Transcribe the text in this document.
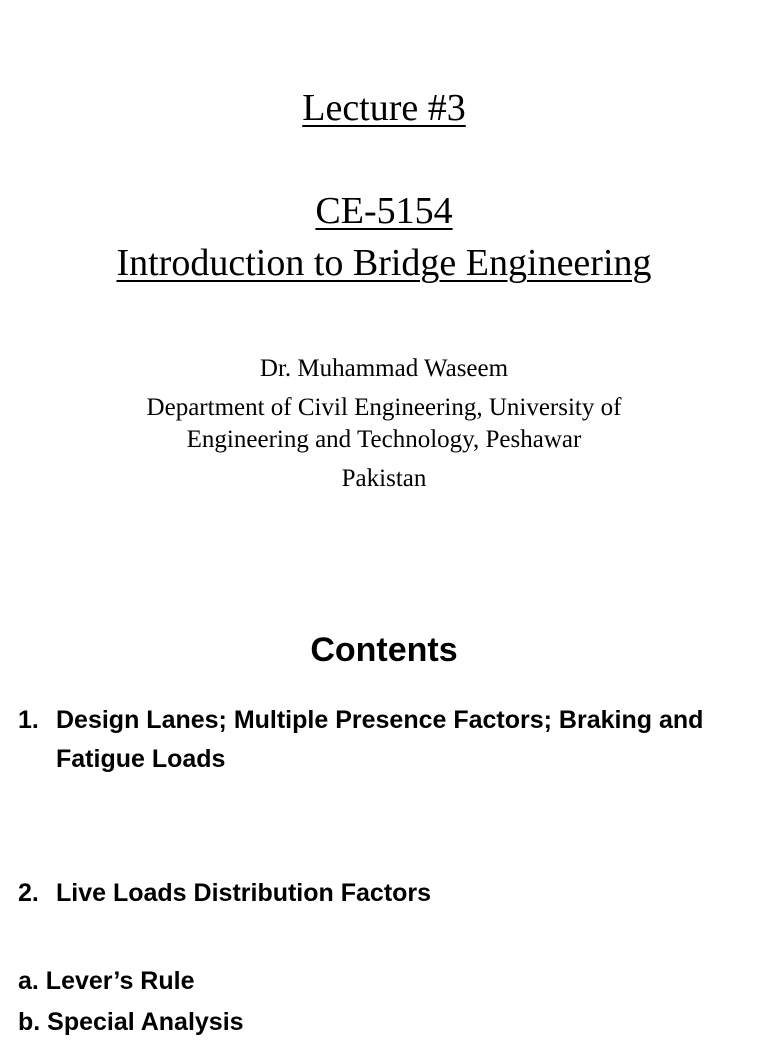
Lecture #3
CE-5154
Introduction to Bridge Engineering
Dr. Muhammad Waseem
Department of Civil Engineering, University of
Engineering and Technology, Peshawar
Pakistan
Contents
1. Design Lanes; Multiple Presence Factors; Braking and Fatigue Loads
2. Live Loads Distribution Factors
a. Lever’s Rule
b. Special Analysis
